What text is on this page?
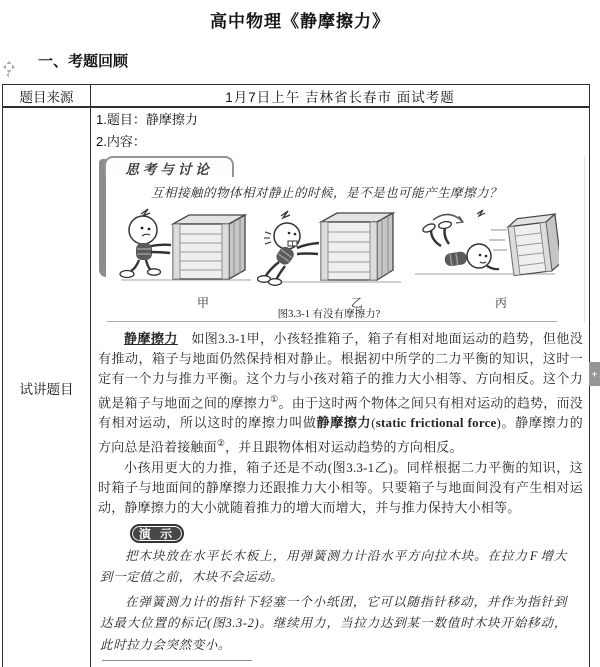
高中物理《静摩擦力》
一、考题回顾
题目来源	1月7日上午 吉林省长春市 面试考题
试讲题目
1.题目：静摩擦力
2.内容：
思考与讨论
互相接触的物体相对静止的时候，是不是也可能产生摩擦力？
甲	乙	丙
图3.3-1 有没有摩擦力?

静摩擦力　如图3.3-1甲，小孩轻推箱子，箱子有相对地面运动的趋势，但他没有推动，箱子与地面仍然保持相对静止。根据初中所学的二力平衡的知识，这时一定有一个力与推力平衡。这个力与小孩对箱子的推力大小相等、方向相反。这个力就是箱子与地面之间的摩擦力①。由于这时两个物体之间只有相对运动的趋势，而没有相对运动，所以这时的摩擦力叫做静摩擦力(static frictional force)。静摩擦力的方向总是沿着接触面②，并且跟物体相对运动趋势的方向相反。

小孩用更大的力推，箱子还是不动(图3.3-1乙)。同样根据二力平衡的知识，这时箱子与地面间的静摩擦力还跟推力大小相等。只要箱子与地面间没有产生相对运动，静摩擦力的大小就随着推力的增大而增大，并与推力保持大小相等。

演 示

把木块放在水平长木板上，用弹簧测力计沿水平方向拉木块。在拉力 F 增大到一定值之前，木块不会运动。

在弹簧测力计的指针下轻塞一个小纸团，它可以随指针移动，并作为指针到达最大位置的标记(图3.3-2)。继续用力，当拉力达到某一数值时木块开始移动，此时拉力会突然变小。

+
